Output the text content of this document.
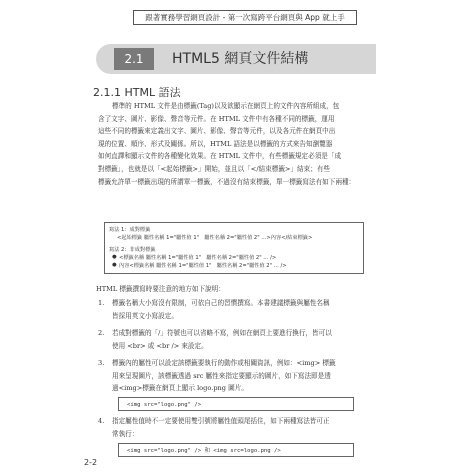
跟著實務學習網頁設計 - 第一次寫跨平台網頁與 App 就上手
2.1	HTML5 網頁文件結構
2.1.1 HTML 語法
標準的 HTML 文件是由標籤(Tag)以及欲顯示在網頁上的文件內容所組成，包
含了文字、圖片、影像、聲音等元件。在 HTML 文件中有各種不同的標籤，運用
這些不同的標籤來定義出文字、圖片、影像、聲音等元件，以及各元件在網頁中出
現的位置、順序、形式及關係。所以，HTML 語法是以標籤的方式來告知瀏覽器
如何直譯和顯示文件的各種變化效果。在 HTML 文件中，有些標籤規定必須是「成
對標籤」，也就是以「<起始標籤>」開始，並且以「</結束標籤>」結束；有些
標籤允許單一標籤出現的所謂單一標籤，不過沒有結束標籤，單一標籤寫法有如下兩種：
寫法 1：成對標籤
<起始標籤 屬性名稱 1="屬性值 1"　屬性名稱 2="屬性值 2" …>內容</結束標籤>
寫法 2：非成對標籤
● <標籤名稱 屬性名稱 1="屬性值 1"　屬性名稱 2="屬性值 2" … />
● 內容<標籤名稱 屬性名稱 1="屬性值 1"　屬性名稱 2="屬性值 2" … />
HTML 標籤撰寫時要注意的地方如下說明：
1.	標籤名稱大小寫沒有限制，可依自己的習慣撰寫。本書建議標籤與屬性名稱
皆採用英文小寫設定。
2.	若成對標籤的「/」符號也可以省略不寫，例如在網頁上要進行換行，皆可以
使用 <br> 或 <br /> 來設定。
3.	標籤內的屬性可以設定該標籤要執行的動作或相關資訊，例如：<img> 標籤
用來呈現圖片，該標籤透過 src 屬性來指定要顯示的圖片，如下寫法即是透
過<img>標籤在網頁上顯示 logo.png 圖片。
<img src="logo.png" />
4.	指定屬性值時不一定要使用雙引號將屬性值頭尾括住，如下兩種寫法皆可正
常執行：
<img src="logo.png" /> 和 <img src=logo.png />
2-2
